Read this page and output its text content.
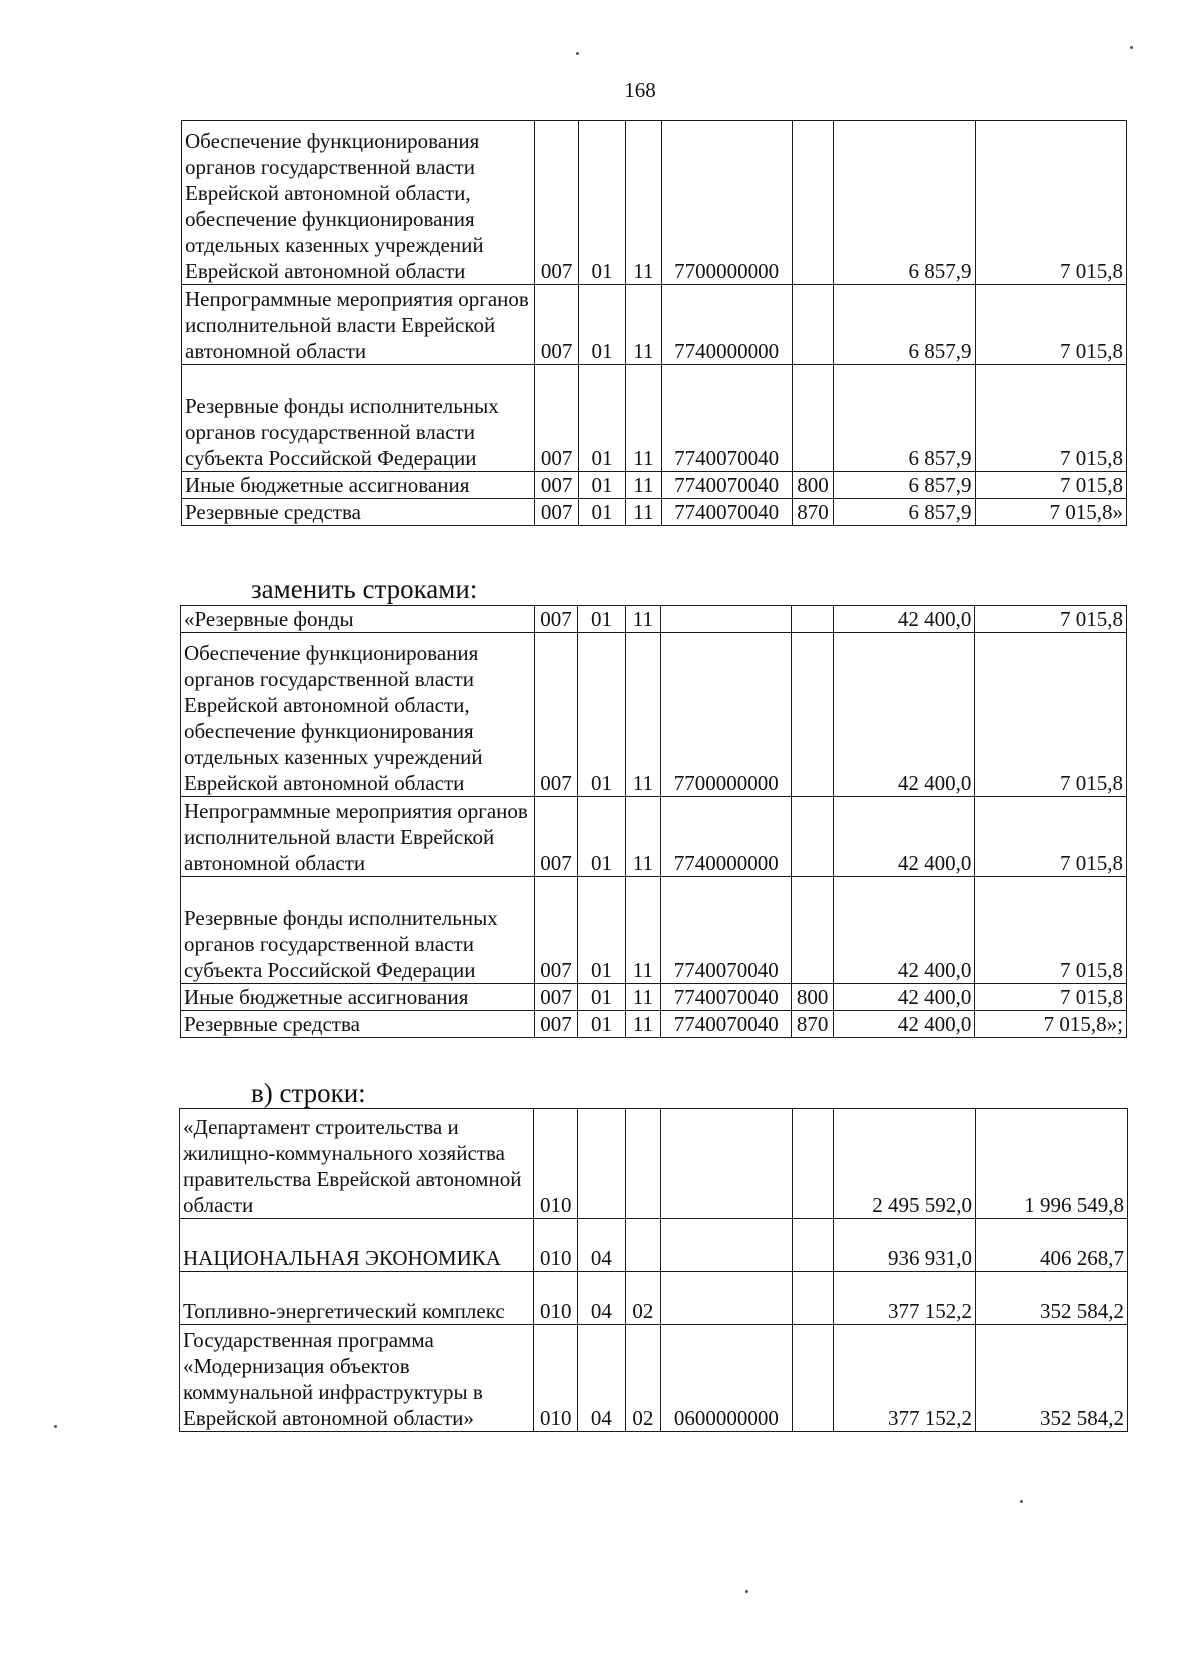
168
Обеспечение функционирования органов государственной власти Еврейской автономной области, обеспечение функционирования отдельных казенных учреждений Еврейской автономной области	007	01	11	7700000000		6 857,9	7 015,8
Непрограммные мероприятия органов исполнительной власти Еврейской автономной области	007	01	11	7740000000		6 857,9	7 015,8
Резервные фонды исполнительных органов государственной власти субъекта Российской Федерации	007	01	11	7740070040		6 857,9	7 015,8
Иные бюджетные ассигнования	007	01	11	7740070040	800	6 857,9	7 015,8
Резервные средства	007	01	11	7740070040	870	6 857,9	7 015,8»
заменить строками:
«Резервные фонды	007	01	11			42 400,0	7 015,8
Обеспечение функционирования органов государственной власти Еврейской автономной области, обеспечение функционирования отдельных казенных учреждений Еврейской автономной области	007	01	11	7700000000		42 400,0	7 015,8
Непрограммные мероприятия органов исполнительной власти Еврейской автономной области	007	01	11	7740000000		42 400,0	7 015,8
Резервные фонды исполнительных органов государственной власти субъекта Российской Федерации	007	01	11	7740070040		42 400,0	7 015,8
Иные бюджетные ассигнования	007	01	11	7740070040	800	42 400,0	7 015,8
Резервные средства	007	01	11	7740070040	870	42 400,0	7 015,8»;
в) строки:
«Департамент строительства и жилищно-коммунального хозяйства правительства Еврейской автономной области	010					2 495 592,0	1 996 549,8
НАЦИОНАЛЬНАЯ ЭКОНОМИКА	010	04				936 931,0	406 268,7
Топливно-энергетический комплекс	010	04	02			377 152,2	352 584,2
Государственная программа «Модернизация объектов коммунальной инфраструктуры в Еврейской автономной области»	010	04	02	0600000000		377 152,2	352 584,2
